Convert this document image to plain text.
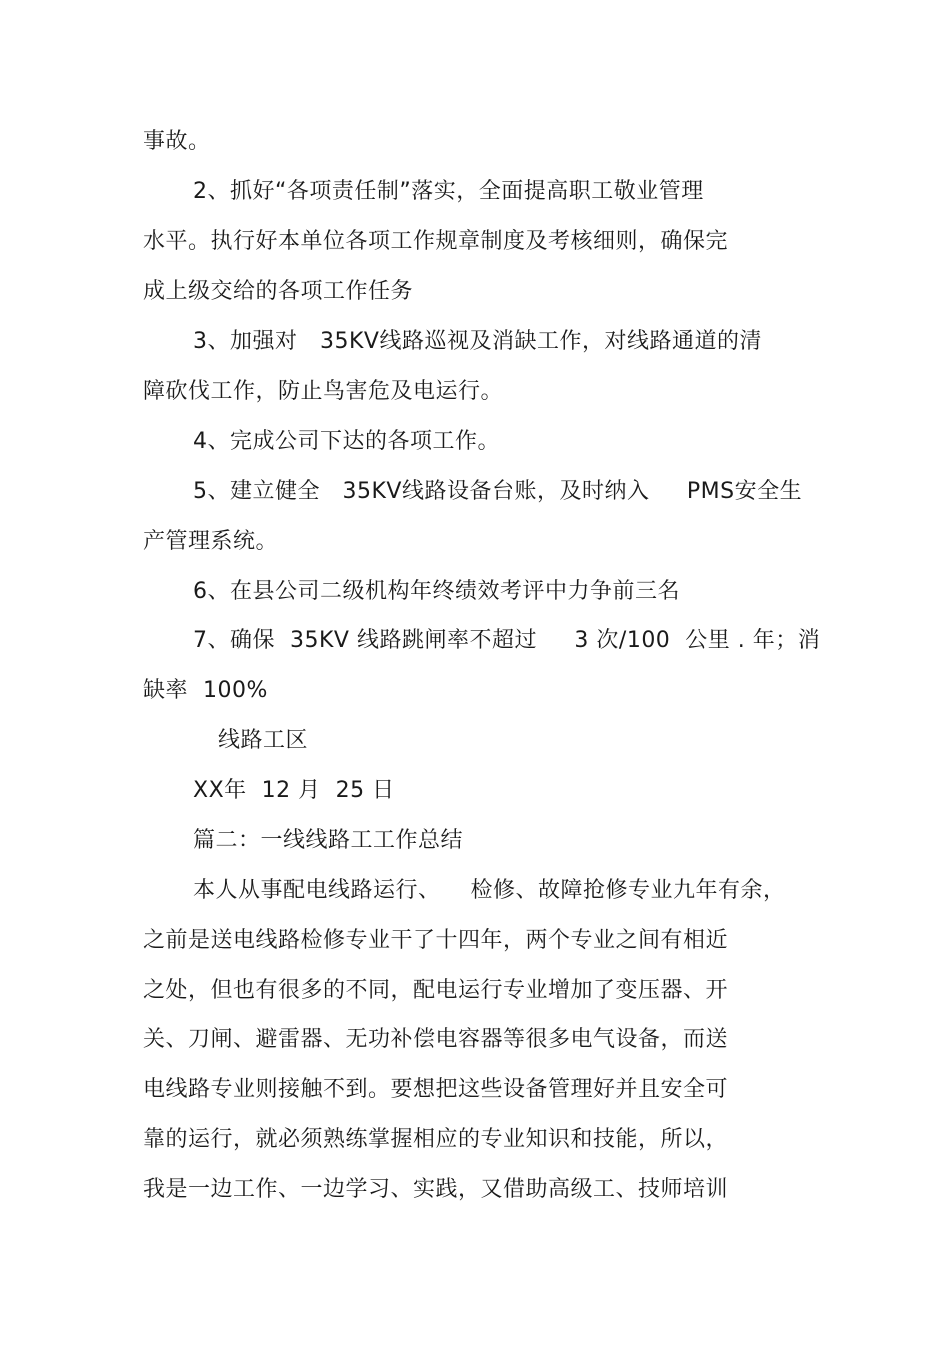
事故。
2、抓好“各项责任制”落实，全面提高职工敬业管理
水平。执行好本单位各项工作规章制度及考核细则，确保完
成上级交给的各项工作任务
3、加强对   35KV线路巡视及消缺工作，对线路通道的清
障砍伐工作，防止鸟害危及电运行。
4、完成公司下达的各项工作。
5、建立健全   35KV线路设备台账，及时纳入     PMS安全生
产管理系统。
6、在县公司二级机构年终绩效考评中力争前三名
7、确保  35KV 线路跳闸率不超过     3 次/100  公里 . 年；消
缺率  100%
线路工区
XX年  12 月  25 日
篇二：一线线路工工作总结
本人从事配电线路运行、    检修、故障抢修专业九年有余，
之前是送电线路检修专业干了十四年，两个专业之间有相近
之处，但也有很多的不同，配电运行专业增加了变压器、开
关、刀闸、避雷器、无功补偿电容器等很多电气设备，而送
电线路专业则接触不到。要想把这些设备管理好并且安全可
靠的运行，就必须熟练掌握相应的专业知识和技能，所以，
我是一边工作、一边学习、实践，又借助高级工、技师培训
